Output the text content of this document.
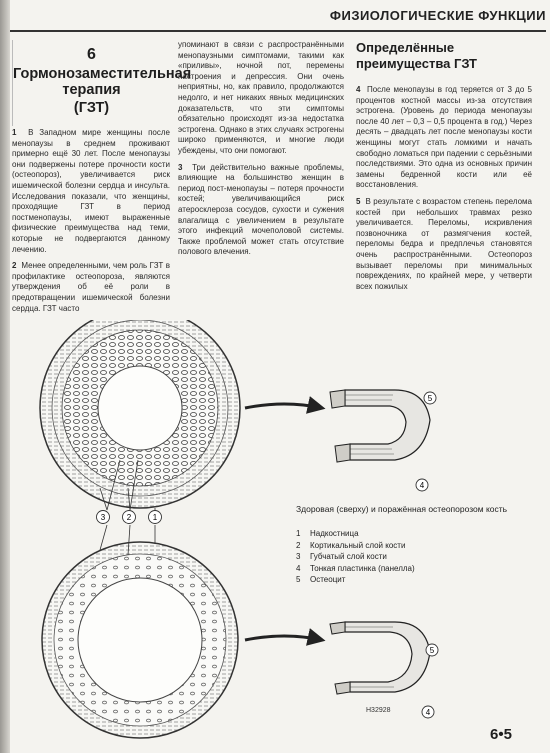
ФИЗИОЛОГИЧЕСКИЕ ФУНКЦИИ
6
Гормонозаместительная терапия
(ГЗТ)

1 В Западном мире женщины после менопаузы в среднем проживают примерно ещё 30 лет. После менопаузы они подвержены потере прочности кости (остеопороз), увеличивается риск ишемической болезни сердца и инсульта. Исследования показали, что женщины, проходящие ГЗТ в период постменопаузы, имеют выраженные физические преимущества над теми, которые не подвергаются данному лечению.

2 Менее определенными, чем роль ГЗТ в профилактике остеопороза, являются утверждения об её роли в предотвращении ишемической болезни сердца. ГЗТ часто

упоминают в связи с распространёнными менопаузными симптомами, такими как «приливы», ночной пот, перемены настроения и депрессия. Они очень неприятны, но, как правило, продолжаются недолго, и нет никаких явных медицинских доказательств, что эти симптомы обязательно происходят из-за недостатка эстрогена. Однако в этих случаях эстрогены широко применяются, и многие люди убеждены, что они помогают.

3 Три действительно важные проблемы, влияющие на большинство женщин в период пост-менопаузы – потеря прочности костей; увеличивающийся риск атеросклероза сосудов, сухости и сужения влагалища с увеличением в результате этого инфекций мочеполовой системы. Также проблемой может стать отсутствие полового влечения.

Определённые
преимущества ГЗТ

4 После менопаузы в год теряется от 3 до 5 процентов костной массы из-за отсутствия эстрогена. (Уровень до периода менопаузы после 40 лет – 0,3 – 0,5 процента в год.) Через десять – двадцать лет после менопаузы кости женщины могут стать ломкими и начать свободно ломаться при падении с серьёзными последствиями. Это одна из основных причин замены бедренной кости или её восстановления.

5 В результате с возрастом степень перелома костей при небольших травмах резко увеличивается. Переломы, искривления позвоночника от размягчения костей, переломы бедра и предплечья становятся очень распространёнными. Остеопороз вызывает переломы при минимальных повреждениях, по крайней мере, у четверти всех пожилых

3	2	1
5
4
5
4
Здоровая (сверху) и поражённая остеопорозом кость
1	Надкостница
2	Кортикальный слой кости
3	Губчатый слой кости
4	Тонкая пластинка (панелла)
5	Остеоцит
H32928
6•5
